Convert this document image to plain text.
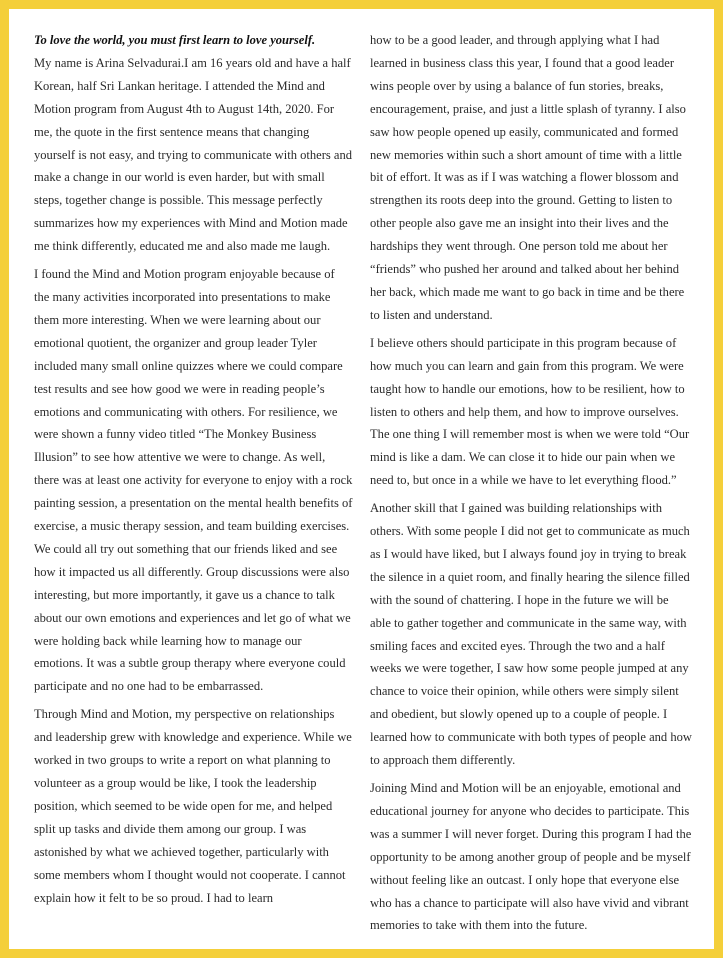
To love the world, you must first learn to love yourself.
My name is Arina Selvadurai.I am 16 years old and have a half Korean, half Sri Lankan heritage. I attended the Mind and Motion program from August 4th to August 14th, 2020. For me, the quote in the first sentence means that changing yourself is not easy, and trying to communicate with others and make a change in our world is even harder, but with small steps, together change is possible. This message perfectly summarizes how my experiences with Mind and Motion made me think differently, educated me and also made me laugh.

I found the Mind and Motion program enjoyable because of the many activities incorporated into presentations to make them more interesting. When we were learning about our emotional quotient, the organizer and group leader Tyler included many small online quizzes where we could compare test results and see how good we were in reading people’s emotions and communicating with others. For resilience, we were shown a funny video titled “The Monkey Business Illusion” to see how attentive we were to change. As well, there was at least one activity for everyone to enjoy with a rock painting session, a presentation on the mental health benefits of exercise, a music therapy session, and team building exercises. We could all try out something that our friends liked and see how it impacted us all differently. Group discussions were also interesting, but more importantly, it gave us a chance to talk about our own emotions and experiences and let go of what we were holding back while learning how to manage our emotions. It was a subtle group therapy where everyone could participate and no one had to be embarrassed.

Through Mind and Motion, my perspective on relationships and leadership grew with knowledge and experience. While we worked in two groups to write a report on what planning to volunteer as a group would be like, I took the leadership position, which seemed to be wide open for me, and helped split up tasks and divide them among our group. I was astonished by what we achieved together, particularly with some members whom I thought would not cooperate. I cannot explain how it felt to be so proud. I had to learn

how to be a good leader, and through applying what I had learned in business class this year, I found that a good leader wins people over by using a balance of fun stories, breaks, encouragement, praise, and just a little splash of tyranny. I also saw how people opened up easily, communicated and formed new memories within such a short amount of time with a little bit of effort. It was as if I was watching a flower blossom and strengthen its roots deep into the ground. Getting to listen to other people also gave me an insight into their lives and the hardships they went through. One person told me about her “friends” who pushed her around and talked about her behind her back, which made me want to go back in time and be there to listen and understand.

I believe others should participate in this program because of how much you can learn and gain from this program. We were taught how to handle our emotions, how to be resilient, how to listen to others and help them, and how to improve ourselves. The one thing I will remember most is when we were told “Our mind is like a dam. We can close it to hide our pain when we need to, but once in a while we have to let everything flood.”

Another skill that I gained was building relationships with others. With some people I did not get to communicate as much as I would have liked, but I always found joy in trying to break the silence in a quiet room, and finally hearing the silence filled with the sound of chattering. I hope in the future we will be able to gather together and communicate in the same way, with smiling faces and excited eyes. Through the two and a half weeks we were together, I saw how some people jumped at any chance to voice their opinion, while others were simply silent and obedient, but slowly opened up to a couple of people. I learned how to communicate with both types of people and how to approach them differently.

Joining Mind and Motion will be an enjoyable, emotional and educational journey for anyone who decides to participate. This was a summer I will never forget. During this program I had the opportunity to be among another group of people and be myself without feeling like an outcast. I only hope that everyone else who has a chance to participate will also have vivid and vibrant memories to take with them into the future.
